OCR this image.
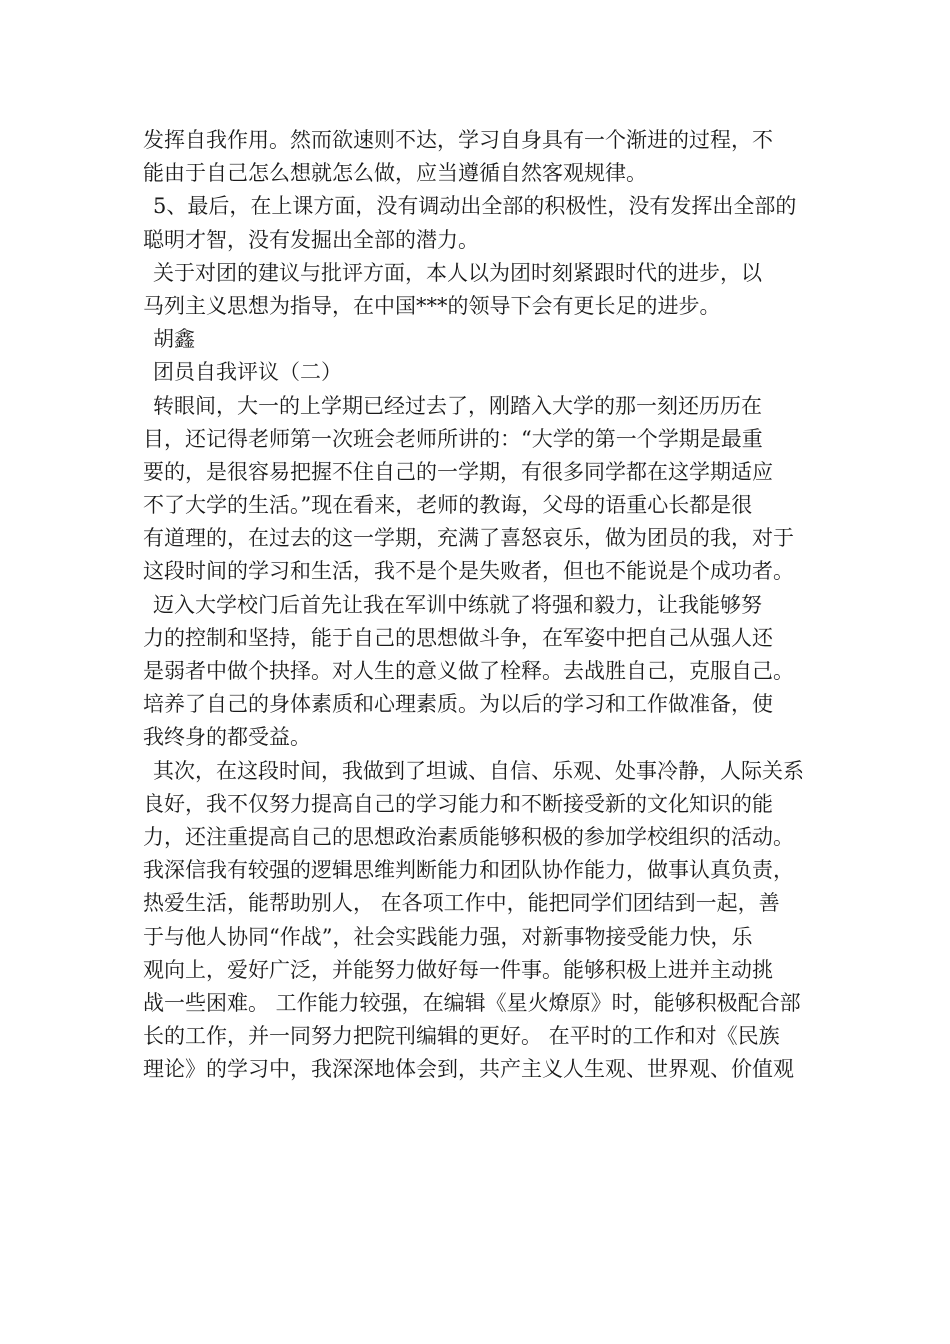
发挥自我作用。然而欲速则不达，学习自身具有一个渐进的过程，不
能由于自己怎么想就怎么做，应当遵循自然客观规律。
5、最后，在上课方面，没有调动出全部的积极性，没有发挥出全部的
聪明才智，没有发掘出全部的潜力。
关于对团的建议与批评方面，本人以为团时刻紧跟时代的进步，以
马列主义思想为指导，在中国***的领导下会有更长足的进步。
胡鑫
团员自我评议（二）
转眼间，大一的上学期已经过去了，刚踏入大学的那一刻还历历在
目，还记得老师第一次班会老师所讲的：“大学的第一个学期是最重
要的，是很容易把握不住自己的一学期，有很多同学都在这学期适应
不了大学的生活。”现在看来，老师的教诲，父母的语重心长都是很
有道理的，在过去的这一学期，充满了喜怒哀乐，做为团员的我，对于
这段时间的学习和生活，我不是个是失败者，但也不能说是个成功者。
迈入大学校门后首先让我在军训中练就了将强和毅力，让我能够努
力的控制和坚持，能于自己的思想做斗争，在军姿中把自己从强人还
是弱者中做个抉择。对人生的意义做了栓释。去战胜自己，克服自己。
培养了自己的身体素质和心理素质。为以后的学习和工作做准备，使
我终身的都受益。
其次，在这段时间，我做到了坦诚、自信、乐观、处事冷静，人际关系
良好，我不仅努力提高自己的学习能力和不断接受新的文化知识的能
力，还注重提高自己的思想政治素质能够积极的参加学校组织的活动。
我深信我有较强的逻辑思维判断能力和团队协作能力，做事认真负责，
热爱生活，能帮助别人， 在各项工作中，能把同学们团结到一起，善
于与他人协同“作战”，社会实践能力强，对新事物接受能力快，乐
观向上，爱好广泛，并能努力做好每一件事。能够积极上进并主动挑
战一些困难。 工作能力较强，在编辑《星火燎原》时，能够积极配合部
长的工作，并一同努力把院刊编辑的更好。 在平时的工作和对《民族
理论》的学习中，我深深地体会到，共产主义人生观、世界观、价值观
